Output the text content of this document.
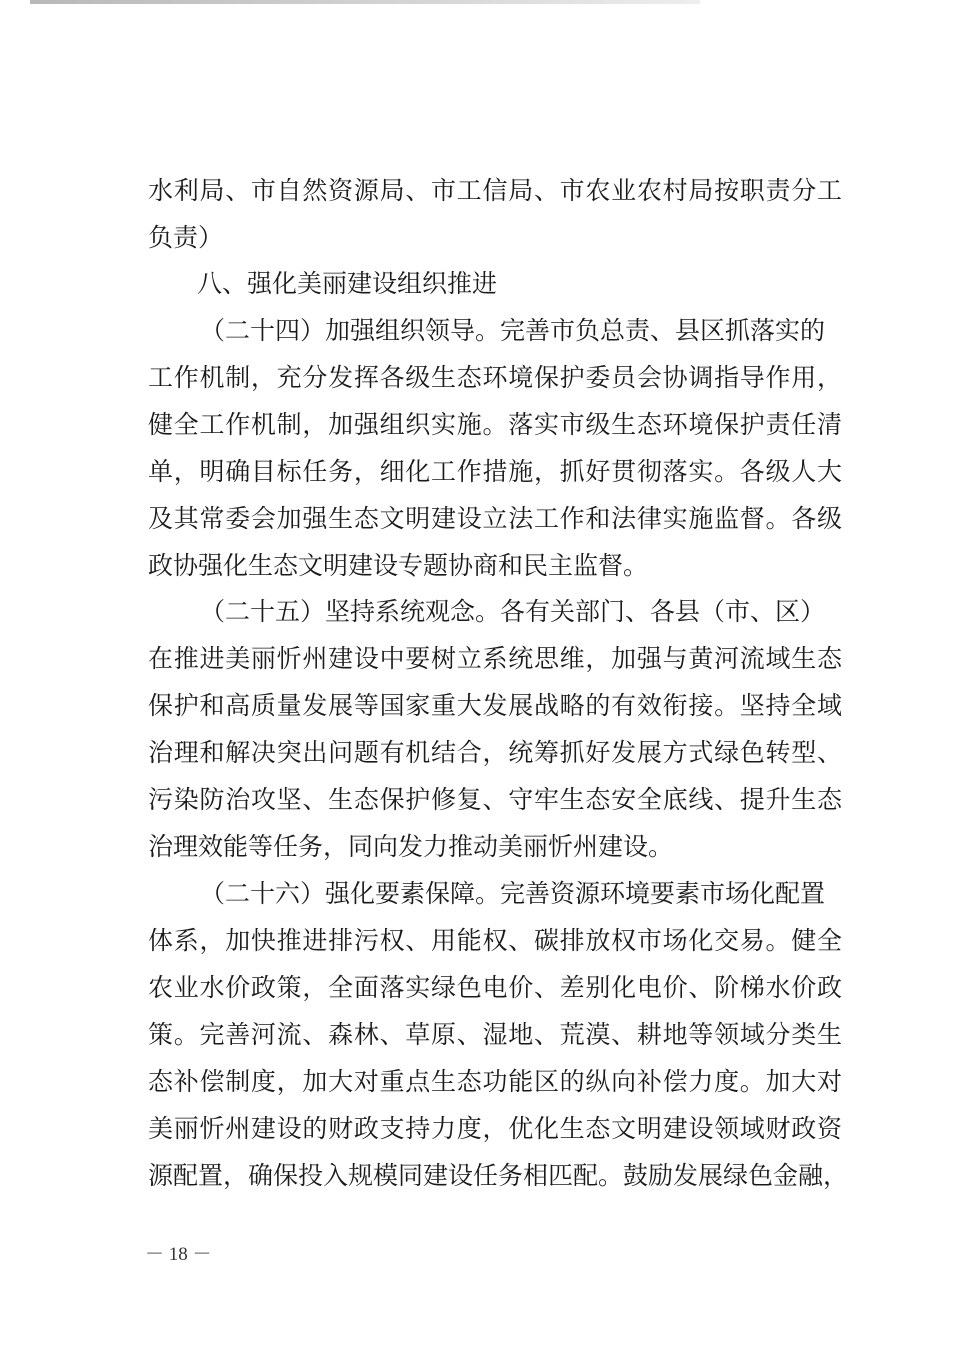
水利局、市自然资源局、市工信局、市农业农村局按职责分工
负责）
八、强化美丽建设组织推进
（二十四）加强组织领导。完善市负总责、县区抓落实的
工作机制，充分发挥各级生态环境保护委员会协调指导作用，
健全工作机制，加强组织实施。落实市级生态环境保护责任清
单，明确目标任务，细化工作措施，抓好贯彻落实。各级人大
及其常委会加强生态文明建设立法工作和法律实施监督。各级
政协强化生态文明建设专题协商和民主监督。
（二十五）坚持系统观念。各有关部门、各县（市、区）
在推进美丽忻州建设中要树立系统思维，加强与黄河流域生态
保护和高质量发展等国家重大发展战略的有效衔接。坚持全域
治理和解决突出问题有机结合，统筹抓好发展方式绿色转型、
污染防治攻坚、生态保护修复、守牢生态安全底线、提升生态
治理效能等任务，同向发力推动美丽忻州建设。
（二十六）强化要素保障。完善资源环境要素市场化配置
体系，加快推进排污权、用能权、碳排放权市场化交易。健全
农业水价政策，全面落实绿色电价、差别化电价、阶梯水价政
策。完善河流、森林、草原、湿地、荒漠、耕地等领域分类生
态补偿制度，加大对重点生态功能区的纵向补偿力度。加大对
美丽忻州建设的财政支持力度，优化生态文明建设领域财政资
源配置，确保投入规模同建设任务相匹配。鼓励发展绿色金融，
－ 18 －
